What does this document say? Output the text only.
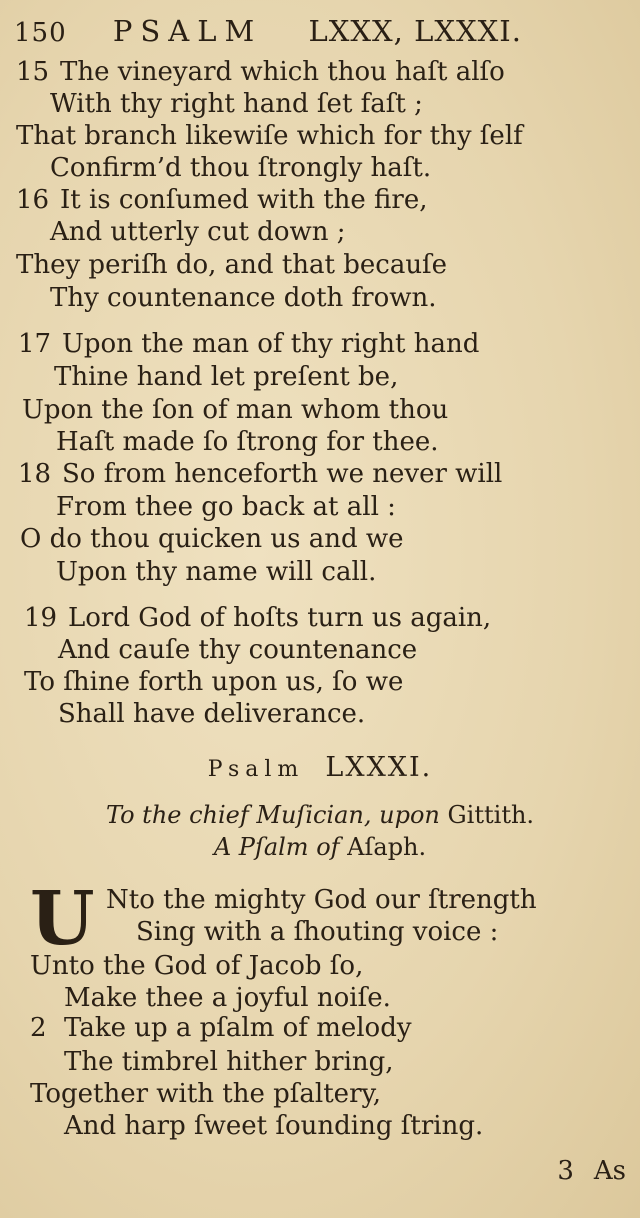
150 PSALM LXXX, LXXXI.
15 The vineyard which thou haſt alſo
With thy right hand ſet faſt ;
That branch likewiſe which for thy ſelf
Confirm’d thou ſtrongly haſt.
16 It is conſumed with the fire,
And utterly cut down ;
They periſh do, and that becauſe
Thy countenance doth frown.
17 Upon the man of thy right hand
Thine hand let preſent be,
Upon the ſon of man whom thou
Haſt made ſo ſtrong for thee.
18 So from henceforth we never will
From thee go back at all :
O do thou quicken us and we
Upon thy name will call.
19 Lord God of hoſts turn us again,
And cauſe thy countenance
To ſhine forth upon us, ſo we
Shall have deliverance.
Psalm LXXXI.
To the chief Muſician, upon Gittith.
A Pſalm of Aſaph.
U Nto the mighty God our ſtrength
Sing with a ſhouting voice :
Unto the God of Jacob ſo,
Make thee a joyful noiſe.
2 Take up a pſalm of melody
The timbrel hither bring,
Together with the pſaltery,
And harp ſweet ſounding ſtring.
3 As
